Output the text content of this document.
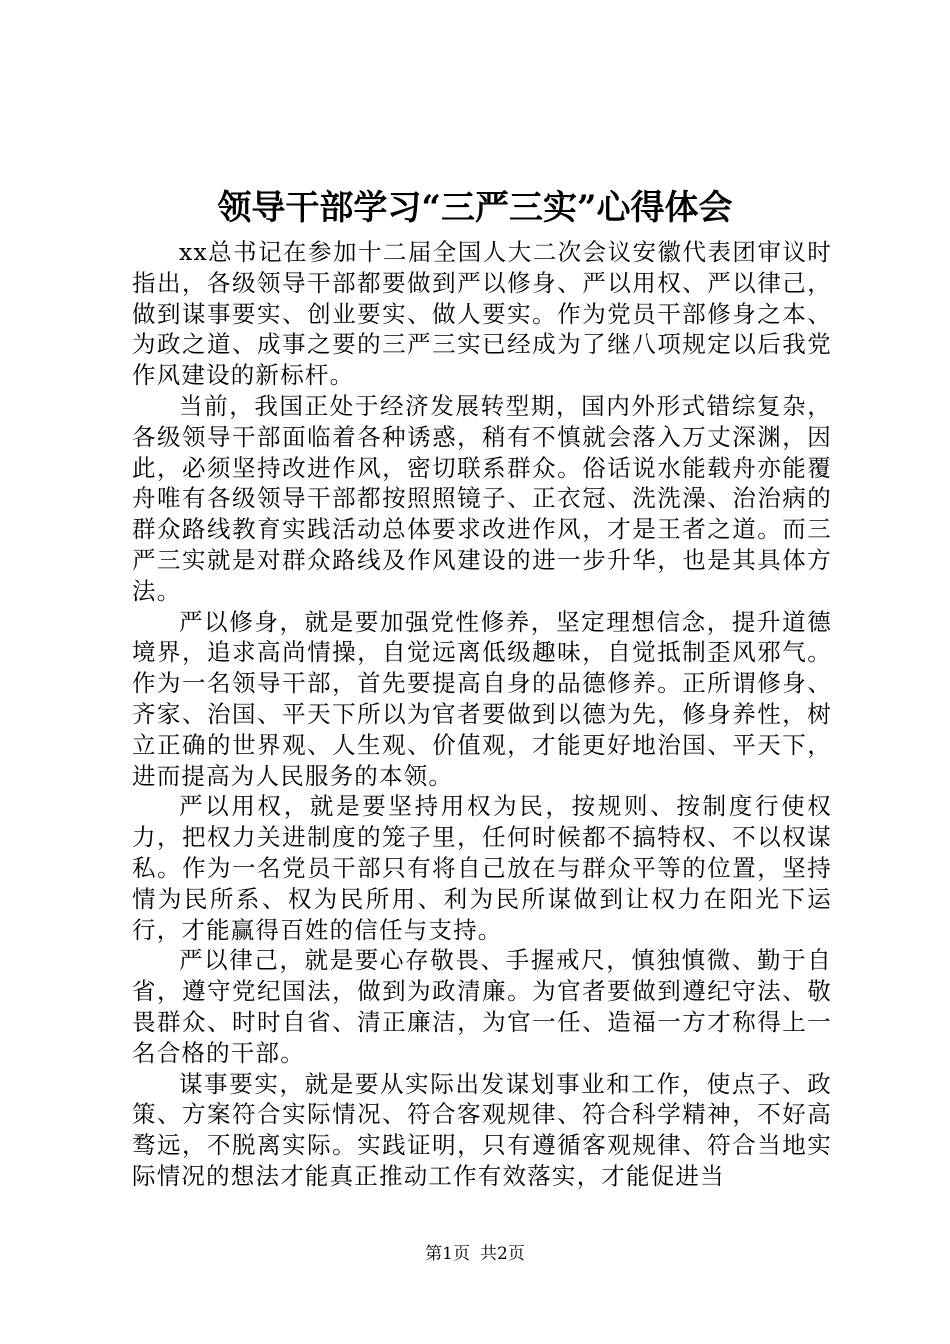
领导干部学习“三严三实”心得体会

xx总书记在参加十二届全国人大二次会议安徽代表团审议时指出，各级领导干部都要做到严以修身、严以用权、严以律己，做到谋事要实、创业要实、做人要实。作为党员干部修身之本、为政之道、成事之要的三严三实已经成为了继八项规定以后我党作风建设的新标杆。

当前，我国正处于经济发展转型期，国内外形式错综复杂，各级领导干部面临着各种诱惑，稍有不慎就会落入万丈深渊，因此，必须坚持改进作风，密切联系群众。俗话说水能载舟亦能覆舟唯有各级领导干部都按照照镜子、正衣冠、洗洗澡、治治病的群众路线教育实践活动总体要求改进作风，才是王者之道。而三严三实就是对群众路线及作风建设的进一步升华，也是其具体方法。

严以修身，就是要加强党性修养，坚定理想信念，提升道德境界，追求高尚情操，自觉远离低级趣味，自觉抵制歪风邪气。作为一名领导干部，首先要提高自身的品德修养。正所谓修身、齐家、治国、平天下所以为官者要做到以德为先，修身养性，树立正确的世界观、人生观、价值观，才能更好地治国、平天下，进而提高为人民服务的本领。

严以用权，就是要坚持用权为民，按规则、按制度行使权力，把权力关进制度的笼子里，任何时候都不搞特权、不以权谋私。作为一名党员干部只有将自己放在与群众平等的位置，坚持情为民所系、权为民所用、利为民所谋做到让权力在阳光下运行，才能赢得百姓的信任与支持。

严以律己，就是要心存敬畏、手握戒尺，慎独慎微、勤于自省，遵守党纪国法，做到为政清廉。为官者要做到遵纪守法、敬畏群众、时时自省、清正廉洁，为官一任、造福一方才称得上一名合格的干部。

谋事要实，就是要从实际出发谋划事业和工作，使点子、政策、方案符合实际情况、符合客观规律、符合科学精神，不好高骛远，不脱离实际。实践证明，只有遵循客观规律、符合当地实际情况的想法才能真正推动工作有效落实，才能促进当

第1页 共2页
